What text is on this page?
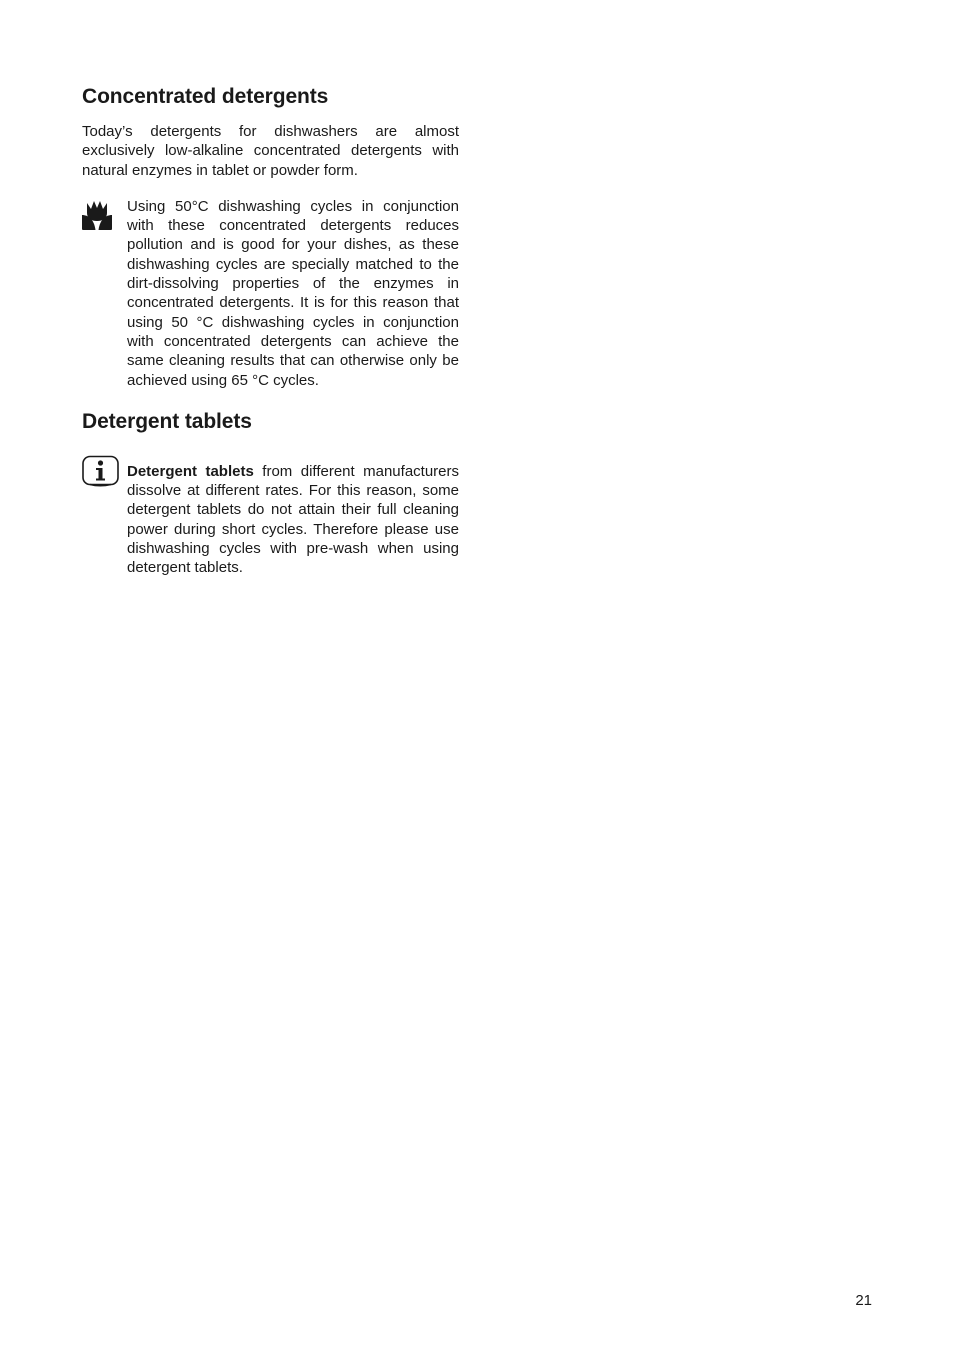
Concentrated detergents

Today’s detergents for dishwashers are almost exclusively low-alkaline concentrated detergents with natural enzymes in tablet or powder form.

Using 50°C dishwashing cycles in conjunction with these concentrated detergents reduces pollution and is good for your dishes, as these dishwashing cycles are specially matched to the dirt-dissolving properties of the enzymes in concentrated detergents. It is for this reason that using 50 °C dishwashing cycles in conjunction with concentrated detergents can achieve the same cleaning results that can otherwise only be achieved using 65 °C cycles.

Detergent tablets

Detergent tablets from different manufacturers dissolve at different rates. For this reason, some detergent tablets do not attain their full cleaning power during short cycles. Therefore please use dishwashing cycles with pre-wash when using detergent tablets.

21
